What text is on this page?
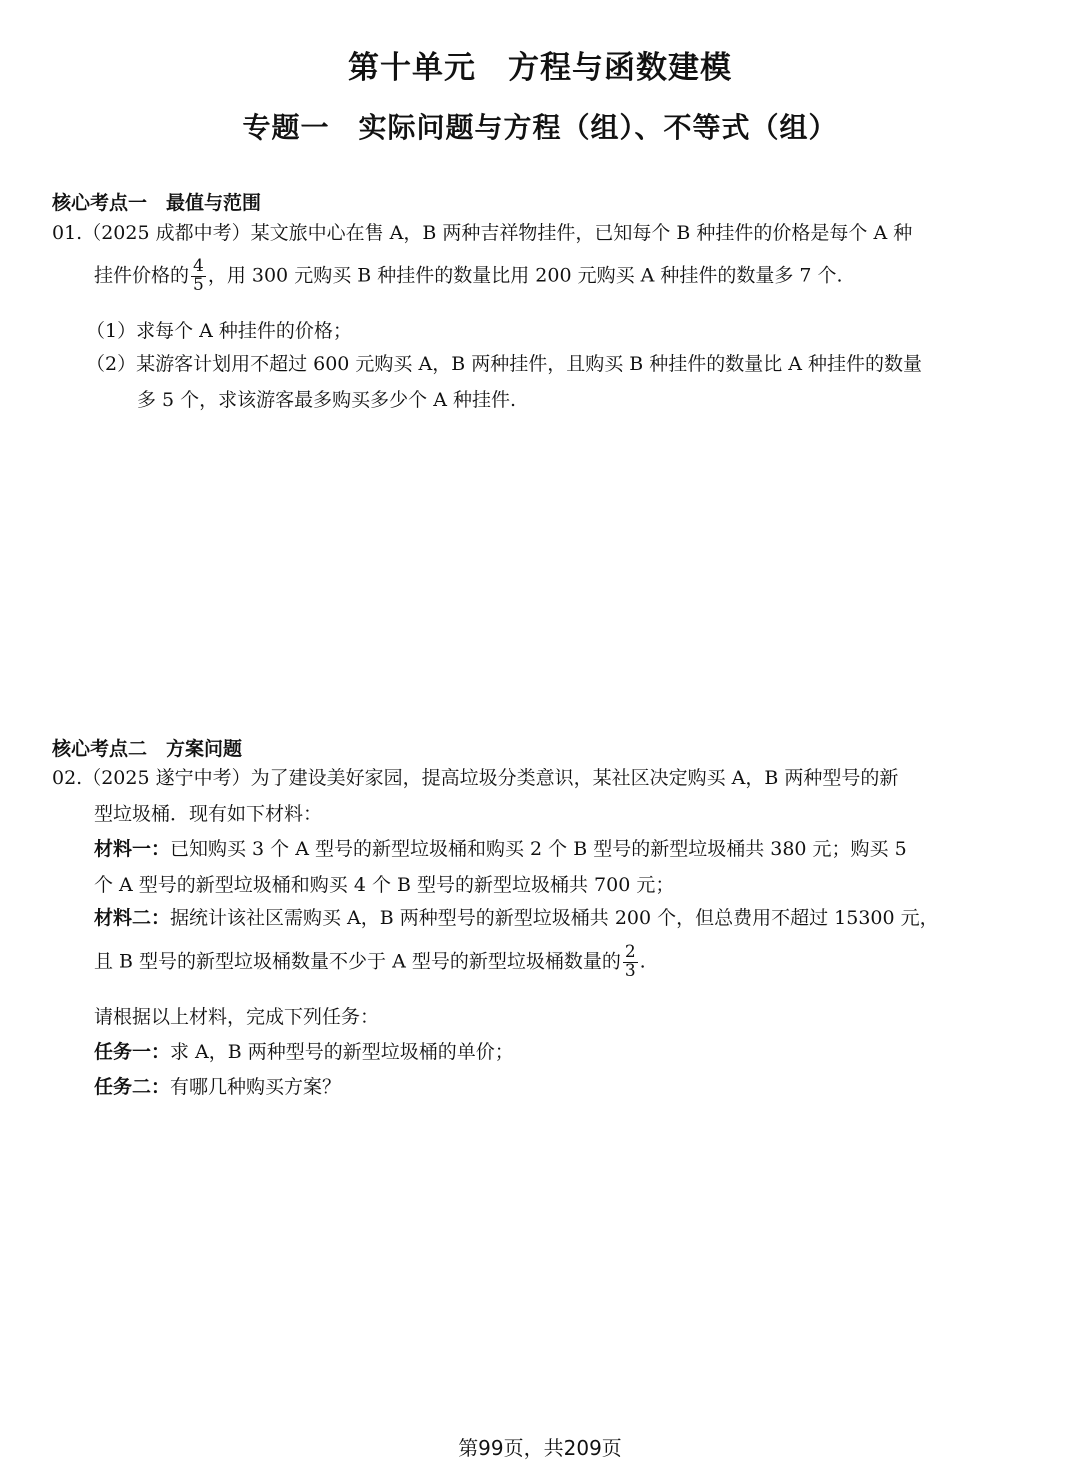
第十单元　方程与函数建模
专题一　实际问题与方程（组）、不等式（组）
核心考点一　最值与范围
01.（2025 成都中考）某文旅中心在售 A，B 两种吉祥物挂件，已知每个 B 种挂件的价格是每个 A 种
挂件价格的 $\frac{4}{5}$ ，用 300 元购买 B 种挂件的数量比用 200 元购买 A 种挂件的数量多 7 个.
（1）求每个 A 种挂件的价格；
（2）某游客计划用不超过 600 元购买 A，B 两种挂件，且购买 B 种挂件的数量比 A 种挂件的数量
多 5 个，求该游客最多购买多少个 A 种挂件.
核心考点二　方案问题
02.（2025 遂宁中考）为了建设美好家园，提高垃圾分类意识，某社区决定购买 A，B 两种型号的新
型垃圾桶．现有如下材料：
材料一：已知购买 3 个 A 型号的新型垃圾桶和购买 2 个 B 型号的新型垃圾桶共 380 元；购买 5
个 A 型号的新型垃圾桶和购买 4 个 B 型号的新型垃圾桶共 700 元；
材料二：据统计该社区需购买 A，B 两种型号的新型垃圾桶共 200 个，但总费用不超过 15300 元，
且 B 型号的新型垃圾桶数量不少于 A 型号的新型垃圾桶数量的 $\frac{2}{3}$ .
请根据以上材料，完成下列任务：
任务一：求 A，B 两种型号的新型垃圾桶的单价；
任务二：有哪几种购买方案？
第99页，共209页
